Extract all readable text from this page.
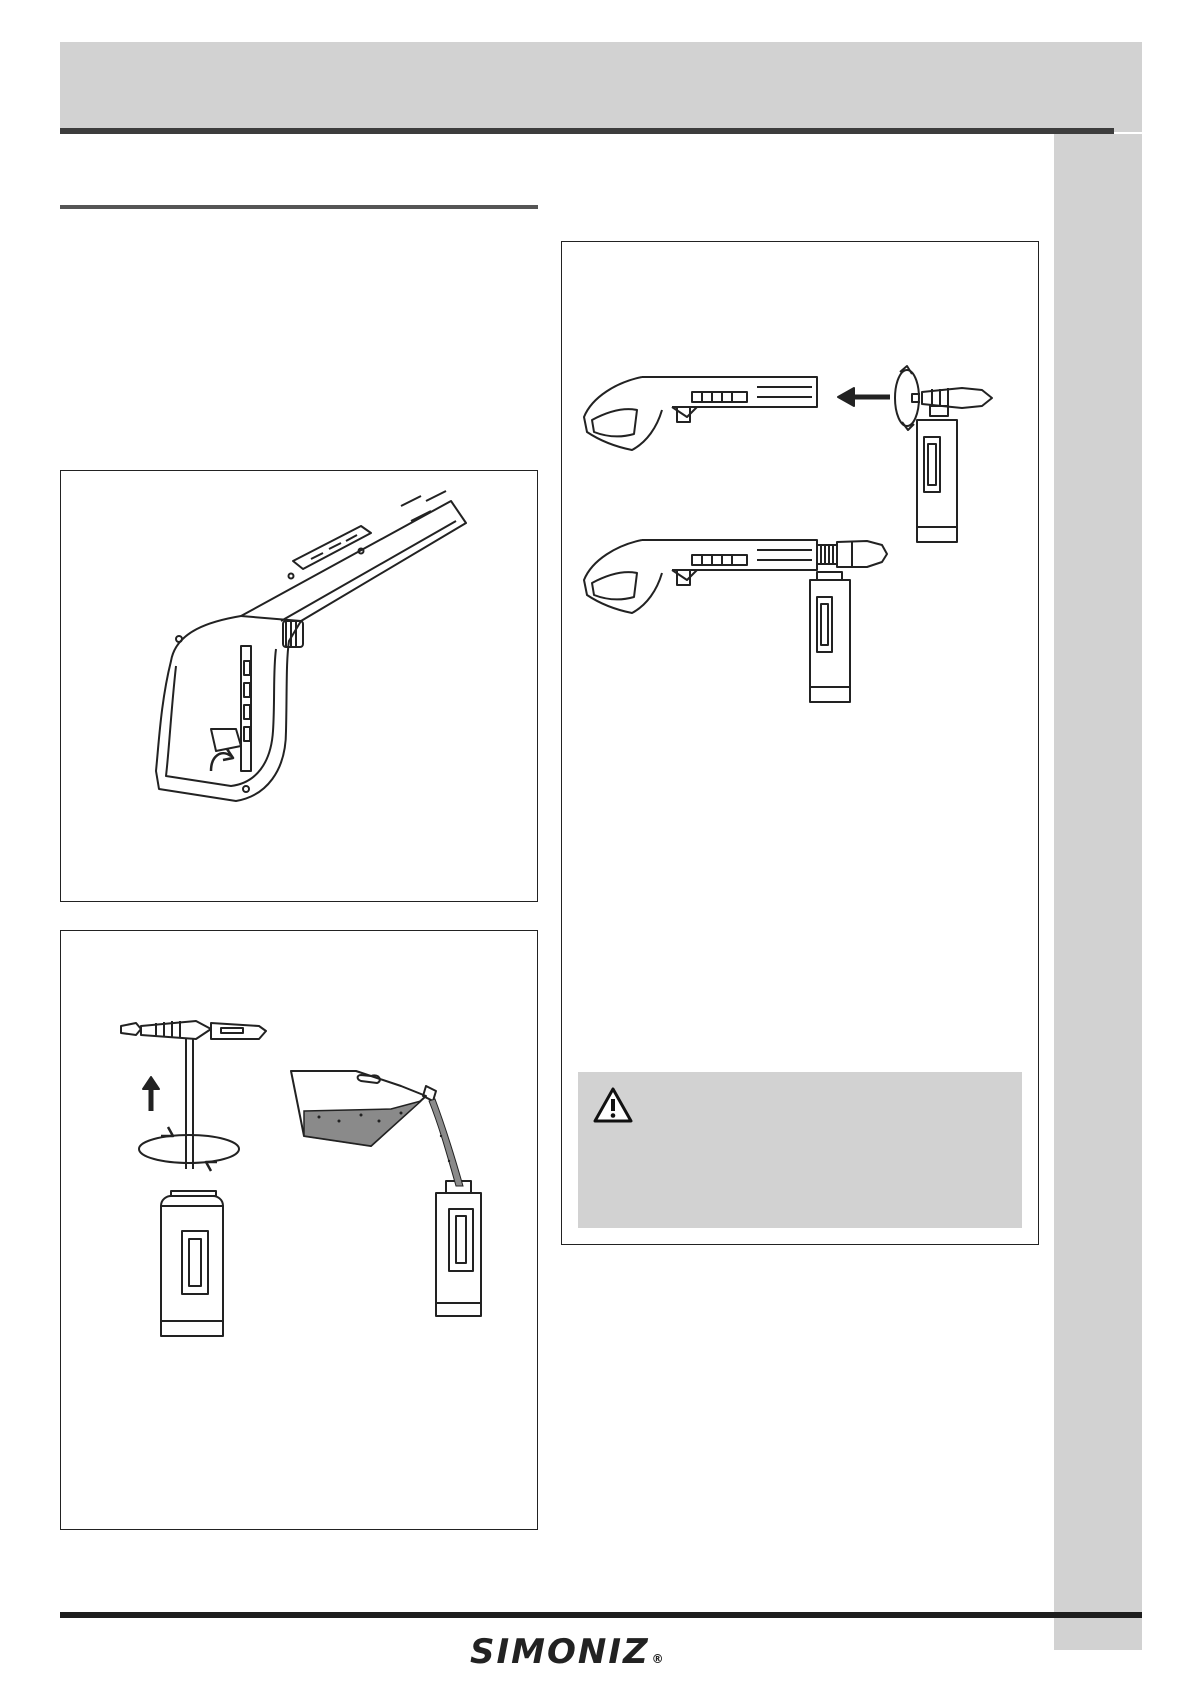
SIMONIZ ®
